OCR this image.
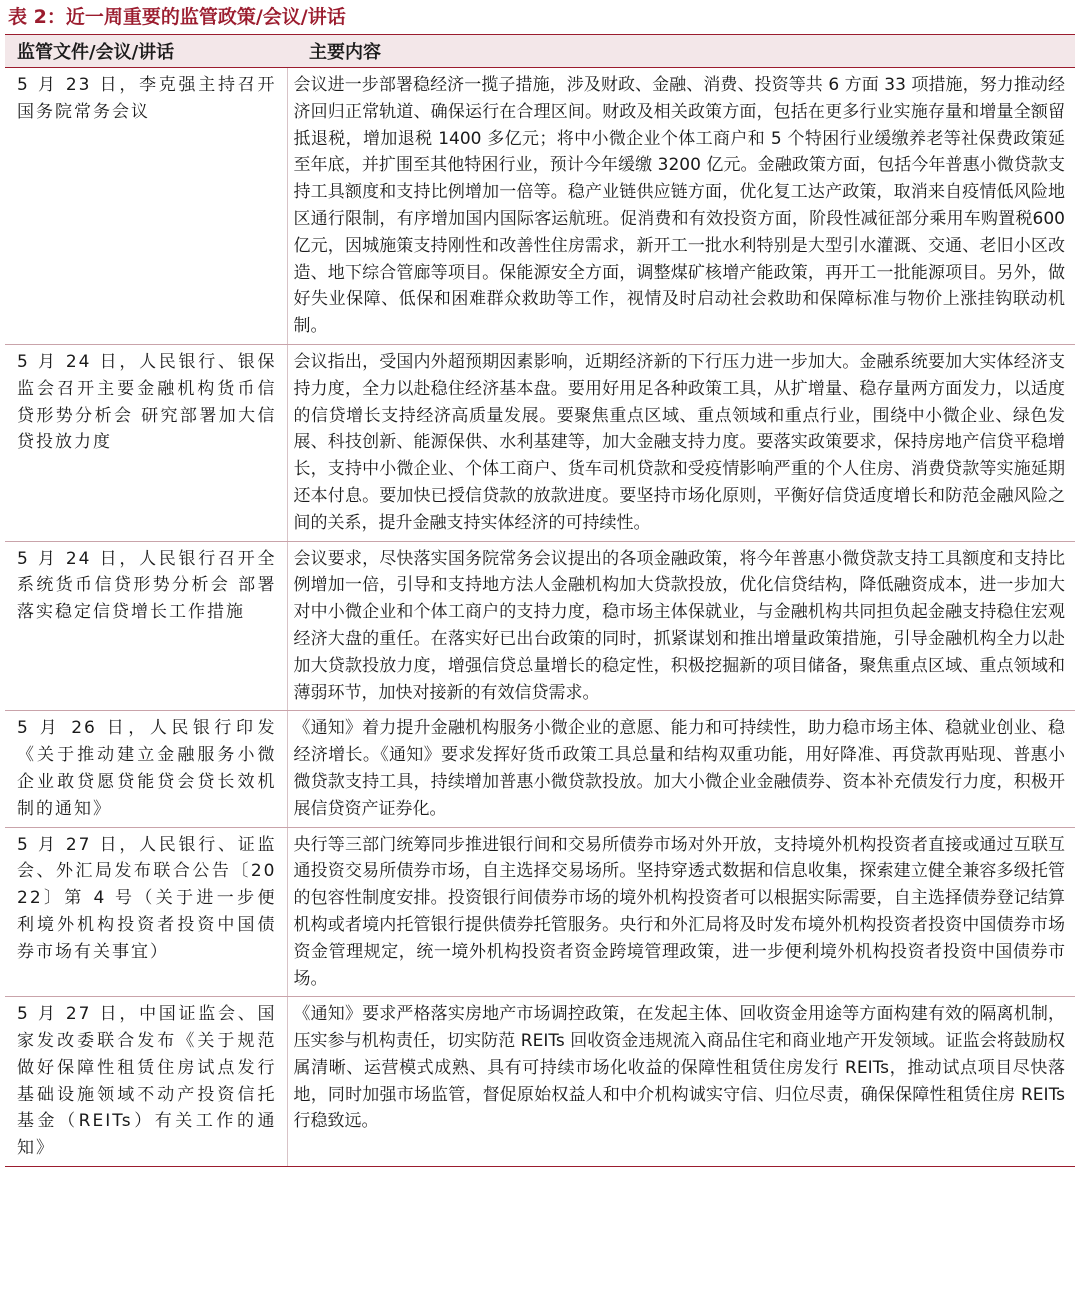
表 2：近一周重要的监管政策/会议/讲话
监管文件/会议/讲话	主要内容
5 月 23 日，李克强主持召开国务院常务会议	会议进一步部署稳经济一揽子措施，涉及财政、金融、消费、投资等共 6 方面 33 项措施，努力推动经济回归正常轨道、确保运行在合理区间。财政及相关政策方面，包括在更多行业实施存量和增量全额留抵退税，增加退税 1400 多亿元；将中小微企业个体工商户和 5 个特困行业缓缴养老等社保费政策延至年底，并扩围至其他特困行业，预计今年缓缴 3200 亿元。金融政策方面，包括今年普惠小微贷款支持工具额度和支持比例增加一倍等。稳产业链供应链方面，优化复工达产政策，取消来自疫情低风险地区通行限制，有序增加国内国际客运航班。促消费和有效投资方面，阶段性减征部分乘用车购置税600亿元，因城施策支持刚性和改善性住房需求，新开工一批水利特别是大型引水灌溉、交通、老旧小区改造、地下综合管廊等项目。保能源安全方面，调整煤矿核增产能政策，再开工一批能源项目。另外，做好失业保障、低保和困难群众救助等工作，视情及时启动社会救助和保障标准与物价上涨挂钩联动机制。
5 月 24 日，人民银行、银保监会召开主要金融机构货币信贷形势分析会 研究部署加大信贷投放力度	会议指出，受国内外超预期因素影响，近期经济新的下行压力进一步加大。金融系统要加大实体经济支持力度，全力以赴稳住经济基本盘。要用好用足各种政策工具，从扩增量、稳存量两方面发力，以适度的信贷增长支持经济高质量发展。要聚焦重点区域、重点领域和重点行业，围绕中小微企业、绿色发展、科技创新、能源保供、水利基建等，加大金融支持力度。要落实政策要求，保持房地产信贷平稳增长，支持中小微企业、个体工商户、货车司机贷款和受疫情影响严重的个人住房、消费贷款等实施延期还本付息。要加快已授信贷款的放款进度。要坚持市场化原则，平衡好信贷适度增长和防范金融风险之间的关系，提升金融支持实体经济的可持续性。
5 月 24 日，人民银行召开全系统货币信贷形势分析会 部署落实稳定信贷增长工作措施	会议要求，尽快落实国务院常务会议提出的各项金融政策，将今年普惠小微贷款支持工具额度和支持比例增加一倍，引导和支持地方法人金融机构加大贷款投放，优化信贷结构，降低融资成本，进一步加大对中小微企业和个体工商户的支持力度，稳市场主体保就业，与金融机构共同担负起金融支持稳住宏观经济大盘的重任。在落实好已出台政策的同时，抓紧谋划和推出增量政策措施，引导金融机构全力以赴加大贷款投放力度，增强信贷总量增长的稳定性，积极挖掘新的项目储备，聚焦重点区域、重点领域和薄弱环节，加快对接新的有效信贷需求。
5 月 26 日，人民银行印发《关于推动建立金融服务小微企业敢贷愿贷能贷会贷长效机制的通知》	《通知》着力提升金融机构服务小微企业的意愿、能力和可持续性，助力稳市场主体、稳就业创业、稳经济增长。《通知》要求发挥好货币政策工具总量和结构双重功能，用好降准、再贷款再贴现、普惠小微贷款支持工具，持续增加普惠小微贷款投放。加大小微企业金融债券、资本补充债发行力度，积极开展信贷资产证券化。
5 月 27 日，人民银行、证监会、外汇局发布联合公告〔2022〕第 4 号（关于进一步便利境外机构投资者投资中国债券市场有关事宜）	央行等三部门统筹同步推进银行间和交易所债券市场对外开放，支持境外机构投资者直接或通过互联互通投资交易所债券市场，自主选择交易场所。坚持穿透式数据和信息收集，探索建立健全兼容多级托管的包容性制度安排。投资银行间债券市场的境外机构投资者可以根据实际需要，自主选择债券登记结算机构或者境内托管银行提供债券托管服务。央行和外汇局将及时发布境外机构投资者投资中国债券市场资金管理规定，统一境外机构投资者资金跨境管理政策，进一步便利境外机构投资者投资中国债券市场。
5 月 27 日，中国证监会、国家发改委联合发布《关于规范做好保障性租赁住房试点发行基础设施领域不动产投资信托基金（REITs）有关工作的通知》	《通知》要求严格落实房地产市场调控政策，在发起主体、回收资金用途等方面构建有效的隔离机制，压实参与机构责任，切实防范 REITs 回收资金违规流入商品住宅和商业地产开发领域。证监会将鼓励权属清晰、运营模式成熟、具有可持续市场化收益的保障性租赁住房发行 REITs，推动试点项目尽快落地，同时加强市场监管，督促原始权益人和中介机构诚实守信、归位尽责，确保保障性租赁住房 REITs 行稳致远。
